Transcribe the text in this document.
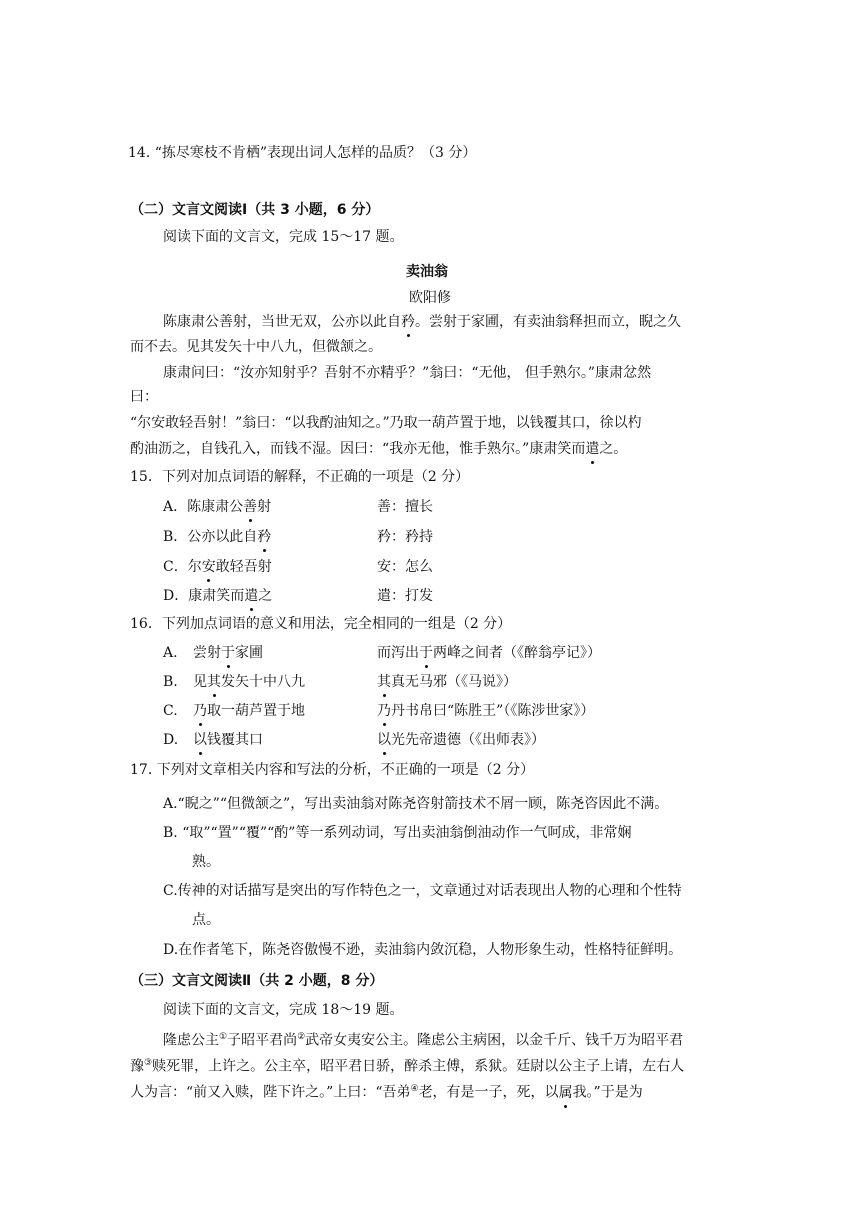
14. “拣尽寒枝不肯栖”表现出词人怎样的品质？（3 分）
（二）文言文阅读Ⅰ（共 3 小题，6 分）
阅读下面的文言文，完成 15～17 题。
卖油翁
欧阳修
陈康肃公善射，当世无双，公亦以此自矜。尝射于家圃，有卖油翁释担而立，睨之久
而不去。见其发矢十中八九，但微颔之。
康肃问曰：“汝亦知射乎？吾射不亦精乎？”翁曰：“无他， 但手熟尔。”康肃忿然
曰：
“尔安敢轻吾射！”翁曰：“以我酌油知之。”乃取一葫芦置于地，以钱覆其口，徐以杓
酌油沥之，自钱孔入，而钱不湿。因曰：“我亦无他，惟手熟尔。”康肃笑而遣之。
15．下列对加点词语的解释，不正确的一项是（2 分）
A．陈康肃公善射	善：擅长
B．公亦以此自矜	矜：矜持
C．尔安敢轻吾射	安：怎么
D．康肃笑而遣之	遣：打发
16．下列加点词语的意义和用法，完全相同的一组是（2 分）
A. 尝射于家圃	而泻出于两峰之间者（《醉翁亭记》）
B. 见其发矢十中八九	其真无马邪（《马说》）
C. 乃取一葫芦置于地	乃丹书帛曰“陈胜王”（《陈涉世家》）
D. 以钱覆其口	以光先帝遗德（《出师表》）
17. 下列对文章相关内容和写法的分析，不正确的一项是（2 分）
A.“睨之”“但微颔之”，写出卖油翁对陈尧咨射箭技术不屑一顾，陈尧咨因此不满。
B. “取”“置”“覆”“酌”等一系列动词，写出卖油翁倒油动作一气呵成，非常娴
熟。
C.传神的对话描写是突出的写作特色之一，文章通过对话表现出人物的心理和个性特
点。
D.在作者笔下，陈尧咨傲慢不逊，卖油翁内敛沉稳，人物形象生动，性格特征鲜明。
（三）文言文阅读Ⅱ（共 2 小题，8 分）
阅读下面的文言文，完成 18～19 题。
隆虑公主①子昭平君尚②武帝女夷安公主。隆虑公主病困，以金千斤、钱千万为昭平君
豫③赎死罪，上许之。公主卒，昭平君日骄，醉杀主傅，系狱。廷尉以公主子上请，左右人
人为言：“前又入赎，陛下许之。”上曰：“吾弟④老，有是一子，死，以属我。”于是为
